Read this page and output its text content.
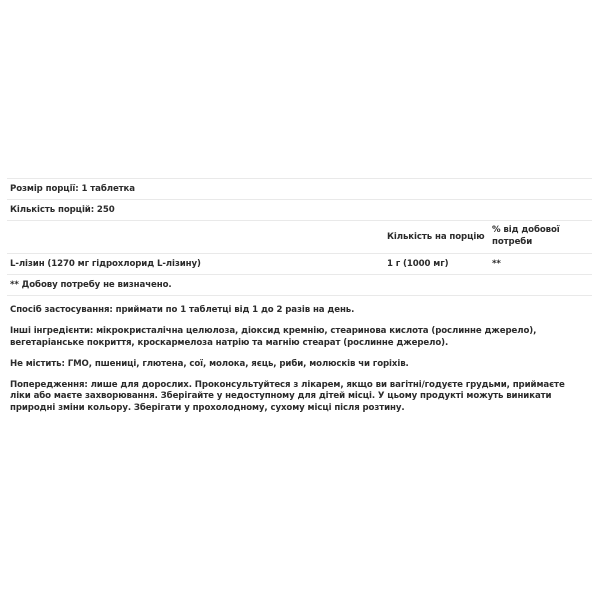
Розмір порції: 1 таблетка
Кількість порцій: 250
Кількість на порцію
% від добової потреби
L-лізин (1270 мг гідрохлорид L-лізину)	1 г (1000 мг)	**
** Добову потребу не визначено.

Спосіб застосування: приймати по 1 таблетці від 1 до 2 разів на день.

Інші інгредієнти: мікрокристалічна целюлоза, діоксид кремнію, стеаринова кислота (рослинне джерело), вегетаріанське покриття, кроскармелоза натрію та магнію стеарат (рослинне джерело).

Не містить: ГМО, пшениці, глютена, сої, молока, яєць, риби, молюсків чи горіхів.

Попередження: лише для дорослих. Проконсультуйтеся з лікарем, якщо ви вагітні/годуєте грудьми, приймаєте ліки або маєте захворювання. Зберігайте у недоступному для дітей місці. У цьому продукті можуть виникати природні зміни кольору. Зберігати у прохолодному, сухому місці після розтину.
